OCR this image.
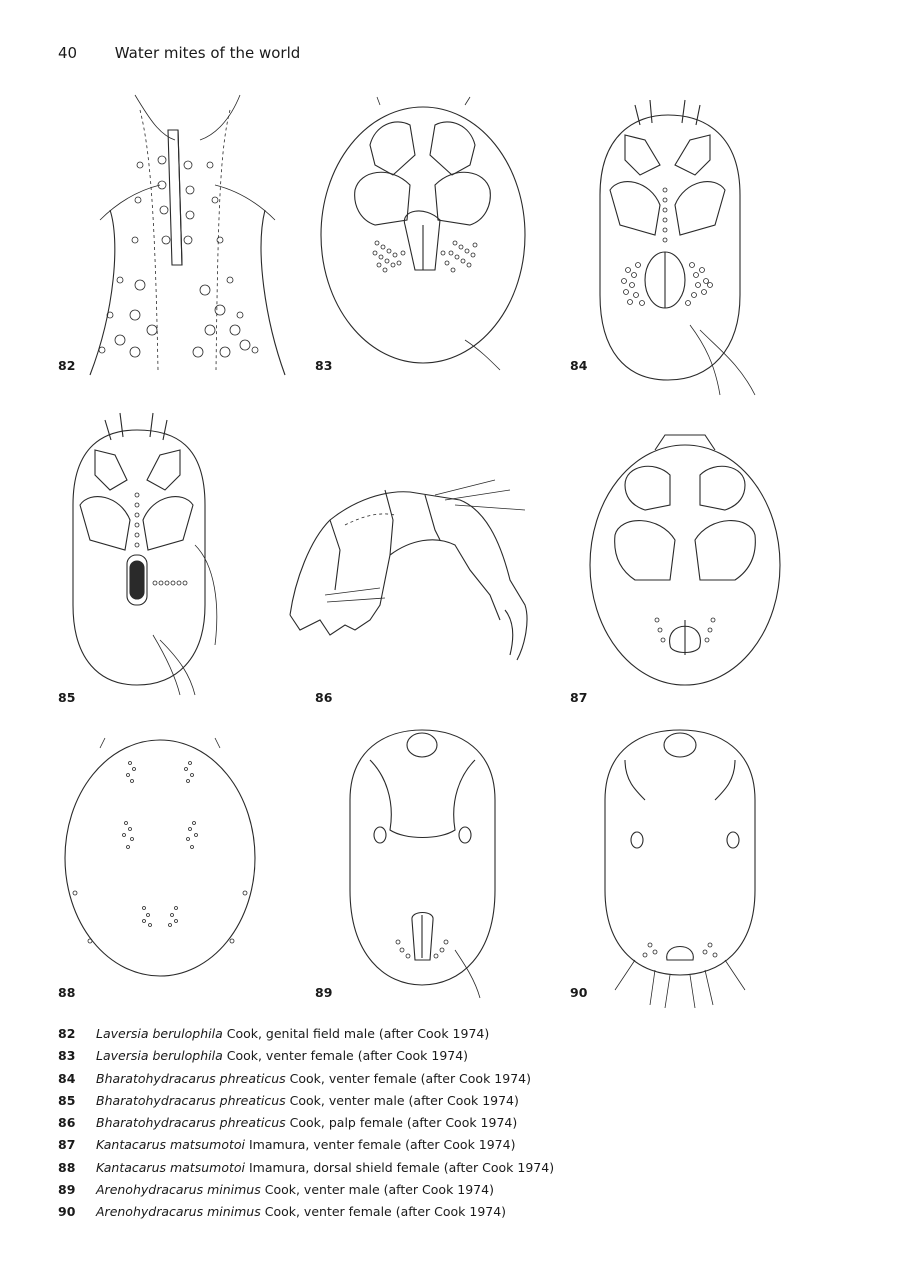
40	Water mites of the world
82	83	84
85	86	87
88	89	90
82 Laversia berulophila Cook, genital field male (after Cook 1974)
83 Laversia berulophila Cook, venter female (after Cook 1974)
84 Bharatohydracarus phreaticus Cook, venter female (after Cook 1974)
85 Bharatohydracarus phreaticus Cook, venter male (after Cook 1974)
86 Bharatohydracarus phreaticus Cook, palp female (after Cook 1974)
87 Kantacarus matsumotoi Imamura, venter female (after Cook 1974)
88 Kantacarus matsumotoi Imamura, dorsal shield female (after Cook 1974)
89 Arenohydracarus minimus Cook, venter male (after Cook 1974)
90 Arenohydracarus minimus Cook, venter female (after Cook 1974)
